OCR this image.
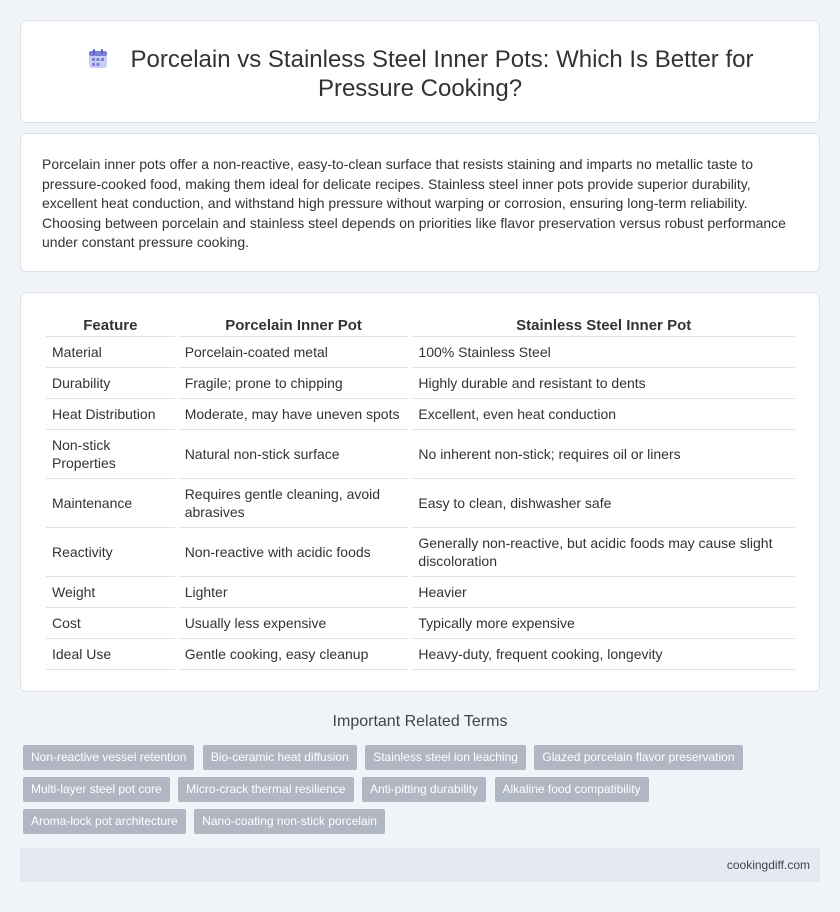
Porcelain vs Stainless Steel Inner Pots: Which Is Better for Pressure Cooking?

Porcelain inner pots offer a non-reactive, easy-to-clean surface that resists staining and imparts no metallic taste to pressure-cooked food, making them ideal for delicate recipes. Stainless steel inner pots provide superior durability, excellent heat conduction, and withstand high pressure without warping or corrosion, ensuring long-term reliability. Choosing between porcelain and stainless steel depends on priorities like flavor preservation versus robust performance under constant pressure cooking.

Feature	Porcelain Inner Pot	Stainless Steel Inner Pot
Material	Porcelain-coated metal	100% Stainless Steel
Durability	Fragile; prone to chipping	Highly durable and resistant to dents
Heat Distribution	Moderate, may have uneven spots	Excellent, even heat conduction
Non-stick Properties	Natural non-stick surface	No inherent non-stick; requires oil or liners
Maintenance	Requires gentle cleaning, avoid abrasives	Easy to clean, dishwasher safe
Reactivity	Non-reactive with acidic foods	Generally non-reactive, but acidic foods may cause slight discoloration
Weight	Lighter	Heavier
Cost	Usually less expensive	Typically more expensive
Ideal Use	Gentle cooking, easy cleanup	Heavy-duty, frequent cooking, longevity
Important Related Terms
Non-reactive vessel retention Bio-ceramic heat diffusion Stainless steel ion leaching Glazed porcelain flavor preservation Multi-layer steel pot core Micro-crack thermal resilience Anti-pitting durability Alkaline food compatibility Aroma-lock pot architecture Nano-coating non-stick porcelain
cookingdiff.com
